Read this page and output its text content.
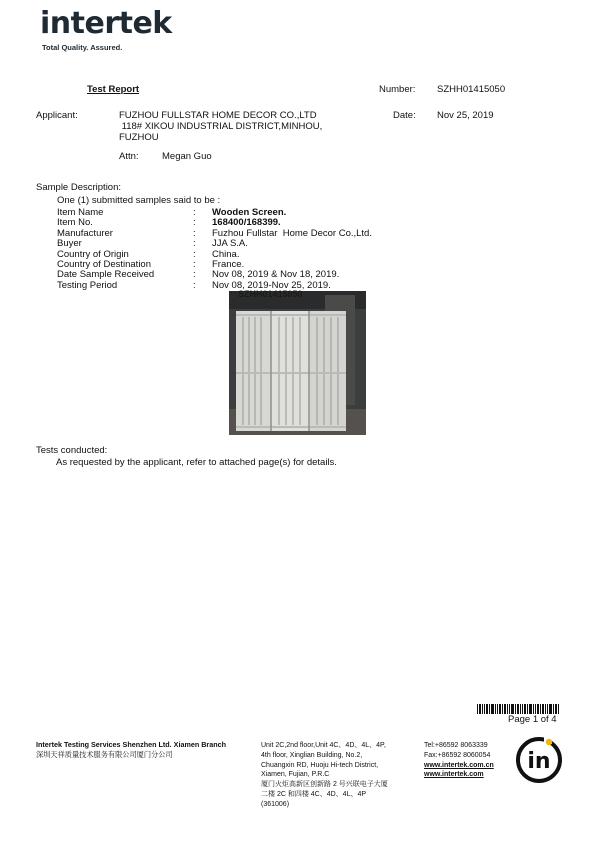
intertek
Total Quality. Assured.
Test Report	Number: SZHH01415050
Applicant:	FUZHOU FULLSTAR HOME DECOR CO.,LTD
118# XIKOU INDUSTRIAL DISTRICT,MINHOU,
FUZHOU
Date: Nov 25, 2019
Attn: Megan Guo
Sample Description:
One (1) submitted samples said to be :
Item Name	: Wooden Screen.
Item No.	: 168400/168399.
Manufacturer	: Fuzhou Fullstar  Home Decor Co.,Ltd.
Buyer	: JJA S.A.
Country of Origin	: China.
Country of Destination	: France.
Date Sample Received	: Nov 08, 2019 & Nov 18, 2019.
Testing Period	: Nov 08, 2019-Nov 25, 2019.
SZHH01415050
Tests conducted:
As requested by the applicant, refer to attached page(s) for details.
Page 1 of 4
Intertek Testing Services Shenzhen Ltd. Xiamen Branch
深圳天祥质量技术服务有限公司厦门分公司
Unit 2C,2nd floor,Unit 4C、4D、4L、4P,
4th floor, Xinglian Building, No.2,
Chuangxin RD, Huoju Hi-tech District,
Xiamen, Fujian, P.R.C
厦门火炬高新区创新路 2 号兴联电子大厦
二楼 2C 和四楼 4C、4D、4L、4P
(361006)
Tel:+86592 8063339
Fax:+86592 8060054
www.intertek.com.cn
www.intertek.com
in
